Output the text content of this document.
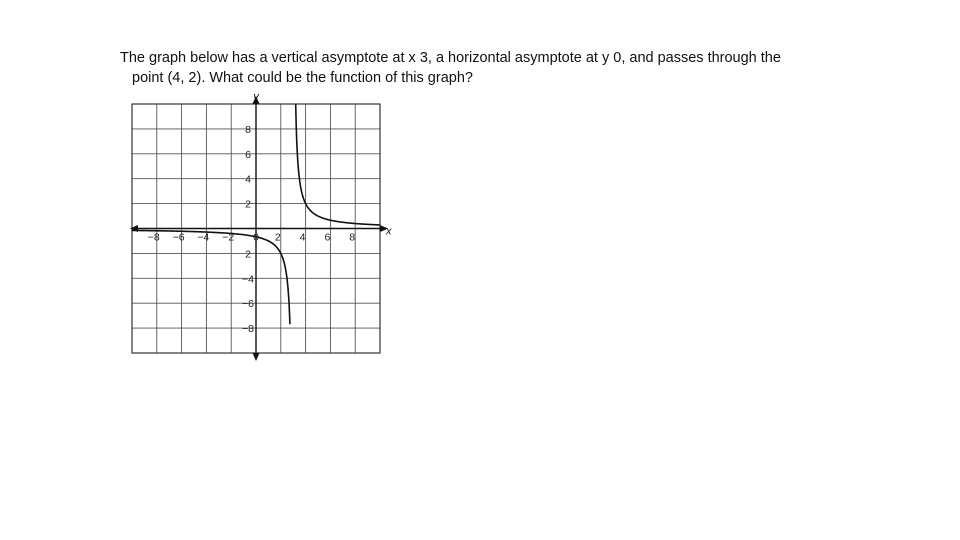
The graph below has a vertical asymptote at x 3, a horizontal asymptote at y 0, and passes through the
point (4, 2). What could be the function of this graph?
x
y
−8 −6 −4 −2 0 2 4 6 8
8
6
4
2
2
−4
−6
−8
